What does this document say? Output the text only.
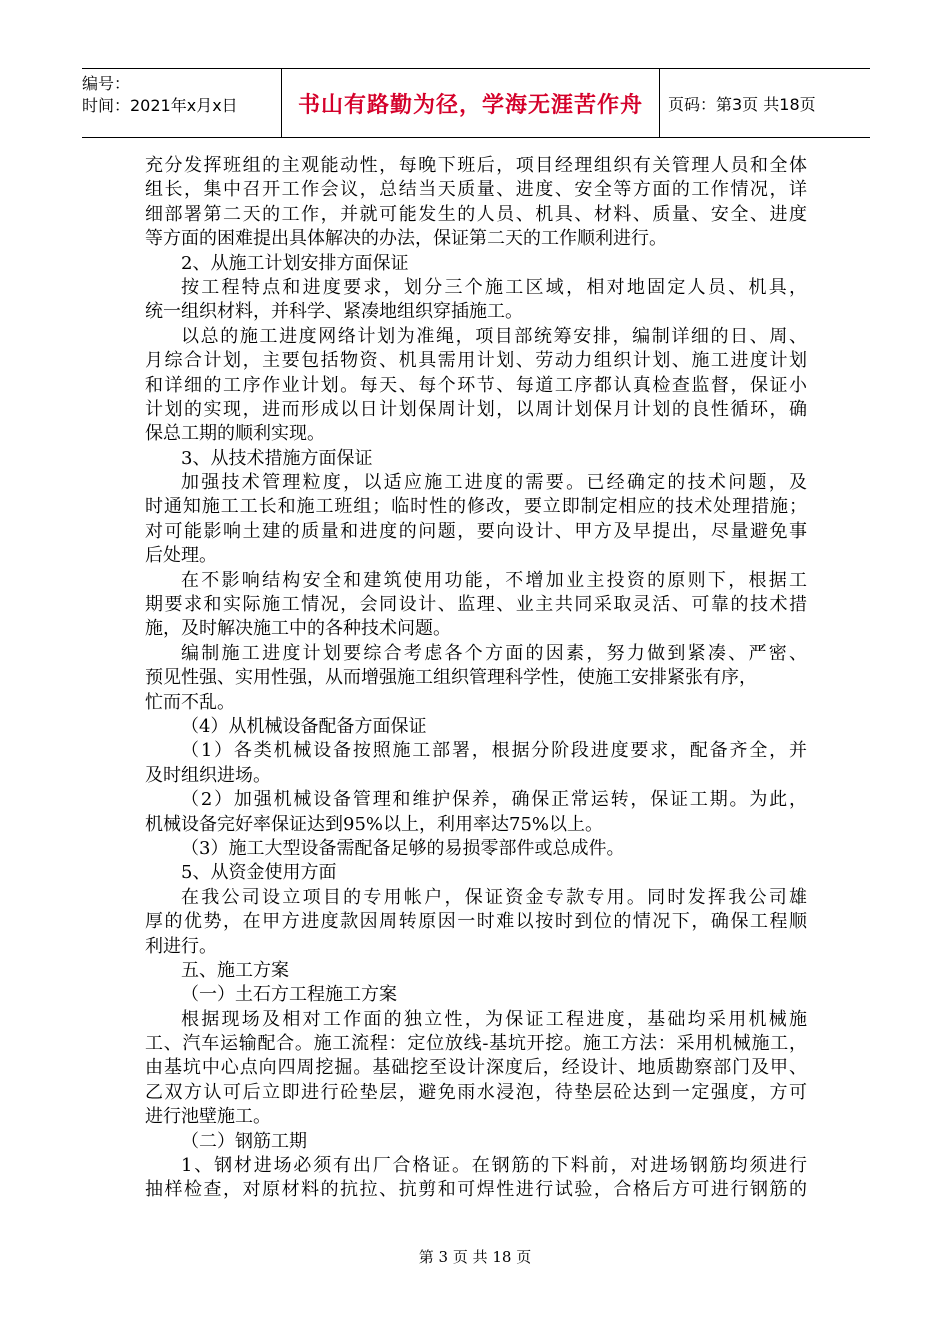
编号：
时间：2021年x月x日	书山有路勤为径，学海无涯苦作舟	页码：第3页 共18页
充分发挥班组的主观能动性，每晚下班后，项目经理组织有关管理人员和全体
组长，集中召开工作会议，总结当天质量、进度、安全等方面的工作情况，详
细部署第二天的工作，并就可能发生的人员、机具、材料、质量、安全、进度
等方面的困难提出具体解决的办法，保证第二天的工作顺利进行。
2、从施工计划安排方面保证
按工程特点和进度要求，划分三个施工区域，相对地固定人员、机具，
统一组织材料，并科学、紧凑地组织穿插施工。
以总的施工进度网络计划为准绳，项目部统筹安排，编制详细的日、周、
月综合计划，主要包括物资、机具需用计划、劳动力组织计划、施工进度计划
和详细的工序作业计划。每天、每个环节、每道工序都认真检查监督，保证小
计划的实现，进而形成以日计划保周计划，以周计划保月计划的良性循环，确
保总工期的顺利实现。
3、从技术措施方面保证
加强技术管理粒度，以适应施工进度的需要。已经确定的技术问题，及
时通知施工工长和施工班组；临时性的修改，要立即制定相应的技术处理措施；
对可能影响土建的质量和进度的问题，要向设计、甲方及早提出，尽量避免事
后处理。
在不影响结构安全和建筑使用功能，不增加业主投资的原则下，根据工
期要求和实际施工情况，会同设计、监理、业主共同采取灵活、可靠的技术措
施，及时解决施工中的各种技术问题。
编制施工进度计划要综合考虑各个方面的因素，努力做到紧凑、严密、
预见性强、实用性强，从而增强施工组织管理科学性，使施工安排紧张有序，
忙而不乱。
（4）从机械设备配备方面保证
（1）各类机械设备按照施工部署，根据分阶段进度要求，配备齐全，并
及时组织进场。
（2）加强机械设备管理和维护保养，确保正常运转，保证工期。为此，
机械设备完好率保证达到95%以上，利用率达75%以上。
（3）施工大型设备需配备足够的易损零部件或总成件。
5、从资金使用方面
在我公司设立项目的专用帐户，保证资金专款专用。同时发挥我公司雄
厚的优势，在甲方进度款因周转原因一时难以按时到位的情况下，确保工程顺
利进行。
五、施工方案
（一）土石方工程施工方案
根据现场及相对工作面的独立性，为保证工程进度，基础均采用机械施
工、汽车运输配合。施工流程：定位放线-基坑开挖。施工方法：采用机械施工，
由基坑中心点向四周挖掘。基础挖至设计深度后，经设计、地质勘察部门及甲、
乙双方认可后立即进行砼垫层，避免雨水浸泡，待垫层砼达到一定强度，方可
进行池壁施工。
（二）钢筋工期
1、钢材进场必须有出厂合格证。在钢筋的下料前，对进场钢筋均须进行
抽样检查，对原材料的抗拉、抗剪和可焊性进行试验，合格后方可进行钢筋的
第 3 页 共 18 页
